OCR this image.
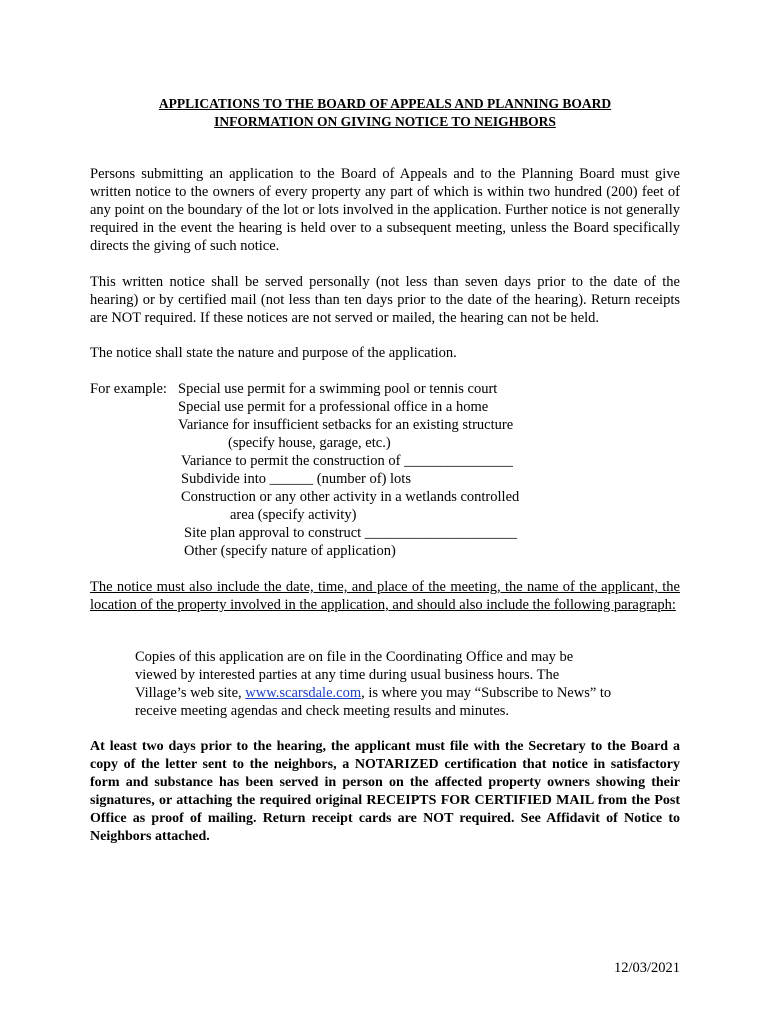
APPLICATIONS TO THE BOARD OF APPEALS AND PLANNING BOARD
INFORMATION ON GIVING NOTICE TO NEIGHBORS
Persons submitting an application to the Board of Appeals and to the Planning Board must give written notice to the owners of every property any part of which is within two hundred (200) feet of any point on the boundary of the lot or lots involved in the application. Further notice is not generally required in the event the hearing is held over to a subsequent meeting, unless the Board specifically directs the giving of such notice.
This written notice shall be served personally (not less than seven days prior to the date of the hearing) or by certified mail (not less than ten days prior to the date of the hearing). Return receipts are NOT required. If these notices are not served or mailed, the hearing can not be held.
The notice shall state the nature and purpose of the application.
For example: Special use permit for a swimming pool or tennis court
Special use permit for a professional office in a home
Variance for insufficient setbacks for an existing structure
(specify house, garage, etc.)
Variance to permit the construction of _______________
Subdivide into ______ (number of) lots
Construction or any other activity in a wetlands controlled
area (specify activity)
Site plan approval to construct _____________________
Other (specify nature of application)
The notice must also include the date, time, and place of the meeting, the name of the applicant, the location of the property involved in the application, and should also include the following paragraph:
Copies of this application are on file in the Coordinating Office and may be
viewed by interested parties at any time during usual business hours. The
Village’s web site, www.scarsdale.com, is where you may “Subscribe to News” to
receive meeting agendas and check meeting results and minutes.
At least two days prior to the hearing, the applicant must file with the Secretary to the Board a copy of the letter sent to the neighbors, a NOTARIZED certification that notice in satisfactory form and substance has been served in person on the affected property owners showing their signatures, or attaching the required original RECEIPTS FOR CERTIFIED MAIL from the Post Office as proof of mailing. Return receipt cards are NOT required. See Affidavit of Notice to Neighbors attached.
12/03/2021
